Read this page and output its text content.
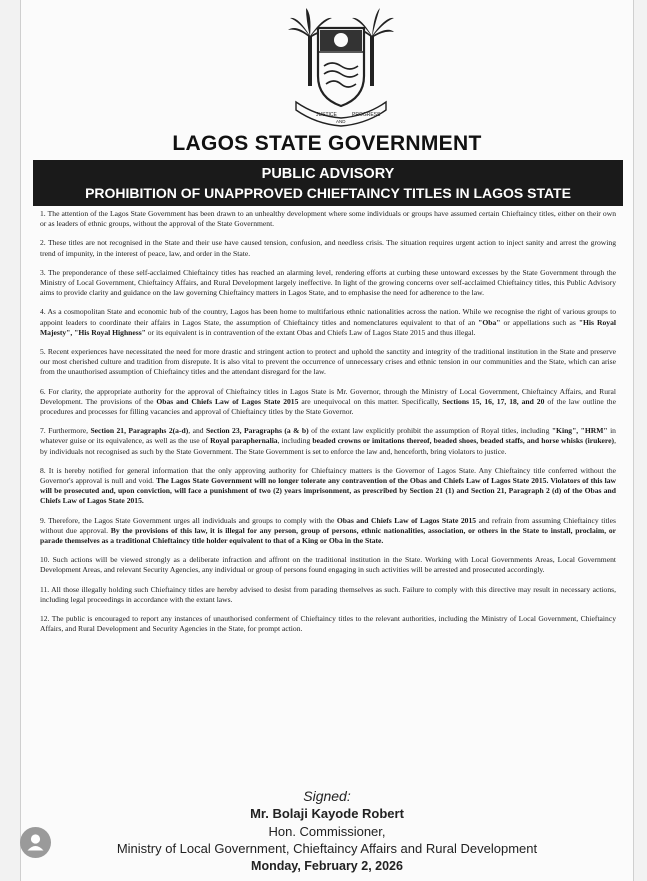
JUSTICE
AND
PROGRESS
LAGOS STATE GOVERNMENT
PUBLIC ADVISORY
PROHIBITION OF UNAPPROVED CHIEFTAINCY TITLES IN LAGOS STATE

1. The attention of the Lagos State Government has been drawn to an unhealthy development where some individuals or groups have assumed certain Chieftaincy titles, either on their own or as leaders of ethnic groups, without the approval of the State Government.

2. These titles are not recognised in the State and their use have caused tension, confusion, and needless crisis. The situation requires urgent action to inject sanity and arrest the growing trend of impunity, in the interest of peace, law, and order in the State.

3. The preponderance of these self-acclaimed Chieftaincy titles has reached an alarming level, rendering efforts at curbing these untoward excesses by the State Government through the Ministry of Local Government, Chieftaincy Affairs, and Rural Development largely ineffective. In light of the growing concerns over self-acclaimed Chieftaincy titles, this Public Advisory aims to provide clarity and guidance on the law governing Chieftaincy matters in Lagos State, and to emphasise the need for adherence to the law.

4. As a cosmopolitan State and economic hub of the country, Lagos has been home to multifarious ethnic nationalities across the nation. While we recognise the right of various groups to appoint leaders to coordinate their affairs in Lagos State, the assumption of Chieftaincy titles and nomenclatures equivalent to that of an "Oba" or appellations such as "His Royal Majesty", "His Royal Highness" or its equivalent is in contravention of the extant Obas and Chiefs Law of Lagos State 2015 and thus illegal.

5. Recent experiences have necessitated the need for more drastic and stringent action to protect and uphold the sanctity and integrity of the traditional institution in the State and preserve our most cherished culture and tradition from disrepute. It is also vital to prevent the occurrence of unnecessary crises and ethnic tension in our communities and the State, which can arise from the unauthorised assumption of Chieftaincy titles and the attendant disregard for the law.

6. For clarity, the appropriate authority for the approval of Chieftaincy titles in Lagos State is Mr. Governor, through the Ministry of Local Government, Chieftaincy Affairs, and Rural Development. The provisions of the Obas and Chiefs Law of Lagos State 2015 are unequivocal on this matter. Specifically, Sections 15, 16, 17, 18, and 20 of the law outline the procedures and processes for filling vacancies and approval of Chieftaincy titles by the State Governor.

7. Furthermore, Section 21, Paragraphs 2(a-d), and Section 23, Paragraphs (a & b) of the extant law explicitly prohibit the assumption of Royal titles, including "King", "HRM" in whatever guise or its equivalence, as well as the use of Royal paraphernalia, including beaded crowns or imitations thereof, beaded shoes, beaded staffs, and horse whisks (irukere), by individuals not recognised as such by the State Government. The State Government is set to enforce the law and, henceforth, bring violators to justice.

8. It is hereby notified for general information that the only approving authority for Chieftaincy matters is the Governor of Lagos State. Any Chieftaincy title conferred without the Governor's approval is null and void. The Lagos State Government will no longer tolerate any contravention of the Obas and Chiefs Law of Lagos State 2015. Violators of this law will be prosecuted and, upon conviction, will face a punishment of two (2) years imprisonment, as prescribed by Section 21 (1) and Section 21, Paragraph 2 (d) of the Obas and Chiefs Law of Lagos State 2015.

9. Therefore, the Lagos State Government urges all individuals and groups to comply with the Obas and Chiefs Law of Lagos State 2015 and refrain from assuming Chieftaincy titles without due approval. By the provisions of this law, it is illegal for any person, group of persons, ethnic nationalities, association, or others in the State to install, proclaim, or parade themselves as a traditional Chieftaincy title holder equivalent to that of a King or Oba in the State.

10. Such actions will be viewed strongly as a deliberate infraction and affront on the traditional institution in the State. Working with Local Governments Areas, Local Government Development Areas, and relevant Security Agencies, any individual or group of persons found engaging in such activities will be arrested and prosecuted accordingly.

11. All those illegally holding such Chieftaincy titles are hereby advised to desist from parading themselves as such. Failure to comply with this directive may result in necessary actions, including legal proceedings in accordance with the extant laws.

12. The public is encouraged to report any instances of unauthorised conferment of Chieftaincy titles to the relevant authorities, including the Ministry of Local Government, Chieftaincy Affairs, and Rural Development and Security Agencies in the State, for prompt action.

Signed:
Mr. Bolaji Kayode Robert
Hon. Commissioner,
Ministry of Local Government, Chieftaincy Affairs and Rural Development
Monday, February 2, 2026
